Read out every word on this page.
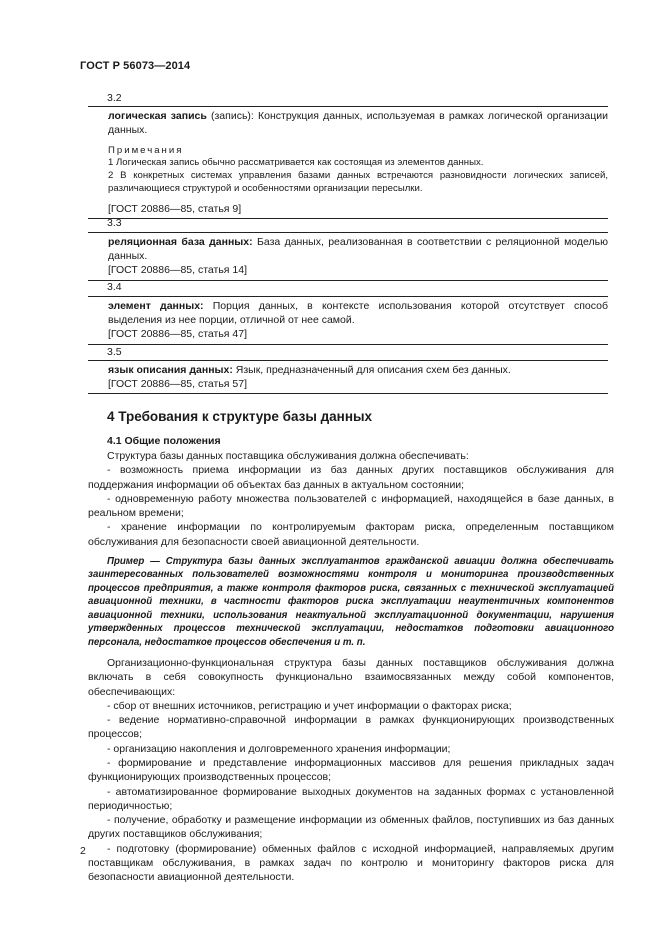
ГОСТ Р 56073—2014
3.2

логическая запись (запись): Конструкция данных, используемая в рамках логической организации данных.

Примечания

1 Логическая запись обычно рассматривается как состоящая из элементов данных.

2 В конкретных системах управления базами данных встречаются разновидности логических записей, различающиеся структурой и особенностями организации пересылки.

[ГОСТ 20886—85, статья 9]

3.3

реляционная база данных: База данных, реализованная в соответствии с реляционной моделью данных.

[ГОСТ 20886—85, статья 14]

3.4

элемент данных: Порция данных, в контексте использования которой отсутствует способ выделения из нее порции, отличной от нее самой.

[ГОСТ 20886—85, статья 47]

3.5

язык описания данных: Язык, предназначенный для описания схем без данных.

[ГОСТ 20886—85, статья 57]

4 Требования к структуре базы данных
4.1 Общие положения

Структура базы данных поставщика обслуживания должна обеспечивать:

- возможность приема информации из баз данных других поставщиков обслуживания для поддержания информации об объектах баз данных в актуальном состоянии;

- одновременную работу множества пользователей с информацией, находящейся в базе данных, в реальном времени;

- хранение информации по контролируемым факторам риска, определенным поставщиком обслуживания для безопасности своей авиационной деятельности.

Пример — Структура базы данных эксплуатантов гражданской авиации должна обеспечивать заинтересованных пользователей возможностями контроля и мониторинга производственных процессов предприятия, а также контроля факторов риска, связанных с технической эксплуатацией авиационной техники, в частности факторов риска эксплуатации неаутентичных компонентов авиационной техники, использования неактуальной эксплуатационной документации, нарушения утвержденных процессов технической эксплуатации, недостатков подготовки авиационного персонала, недостаткое процессов обеспечения и т. п.

Организационно-функциональная структура базы данных поставщиков обслуживания должна включать в себя совокупность функционально взаимосвязанных между собой компонентов, обеспечивающих:

- сбор от внешних источников, регистрацию и учет информации о факторах риска;

- ведение нормативно-справочной информации в рамках функционирующих производственных процессов;

- организацию накопления и долговременного хранения информации;

- формирование и представление информационных массивов для решения прикладных задач функционирующих производственных процессов;

- автоматизированное формирование выходных документов на заданных формах с установленной периодичностью;

- получение, обработку и размещение информации из обменных файлов, поступивших из баз данных других поставщиков обслуживания;

- подготовку (формирование) обменных файлов с исходной информацией, направляемых другим поставщикам обслуживания, в рамках задач по контролю и мониторингу факторов риска для безопасности авиационной деятельности.

2
